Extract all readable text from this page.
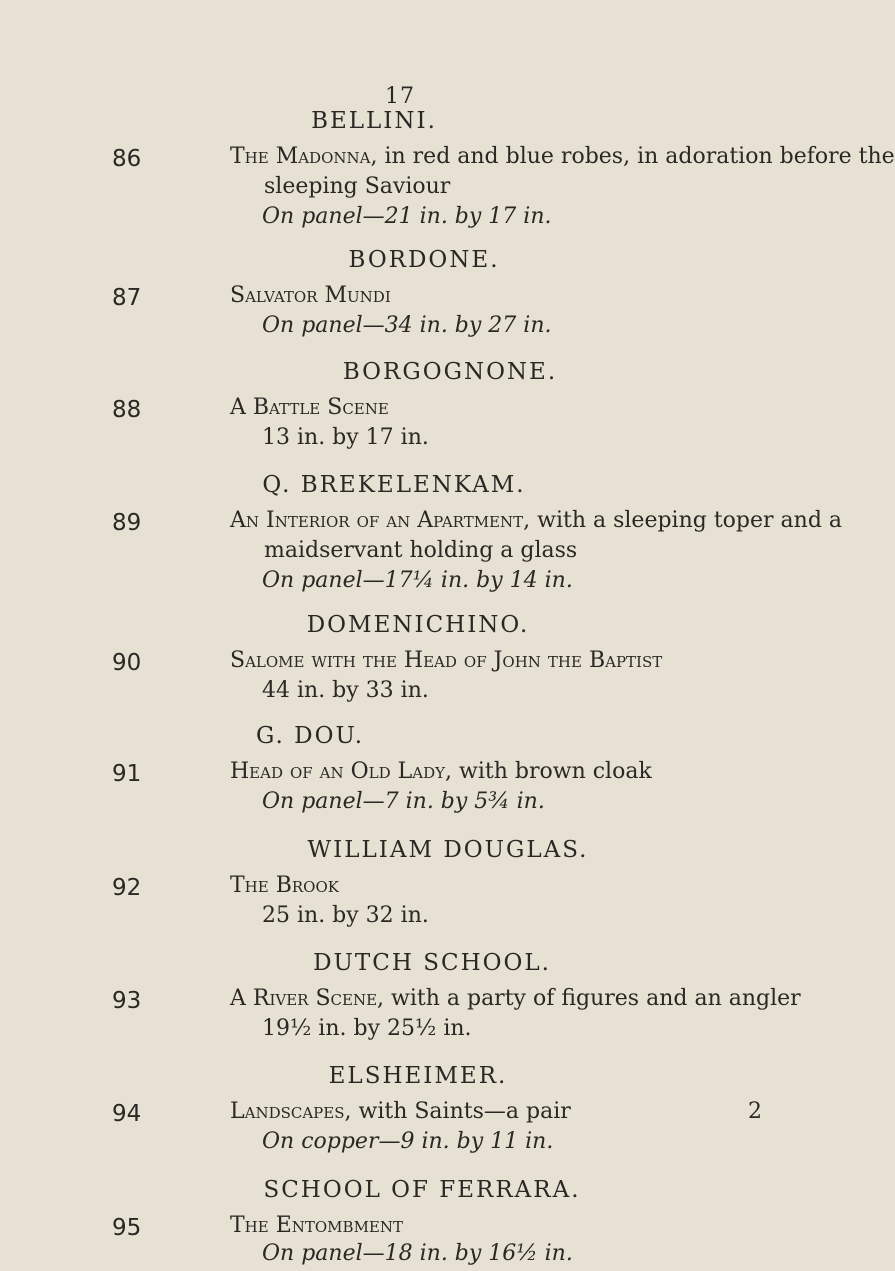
17
BELLINI.
86	The Madonna, in red and blue robes, in adoration before the
sleeping Saviour
On panel—21 in. by 17 in.
BORDONE.
87	Salvator Mundi
On panel—34 in. by 27 in.
BORGOGNONE.
88	A Battle Scene
13 in. by 17 in.
Q. BREKELENKAM.
89	An Interior of an Apartment, with a sleeping toper and a
maidservant holding a glass
On panel—17¼ in. by 14 in.
DOMENICHINO.
90	Salome with the Head of John the Baptist
44 in. by 33 in.
G. DOU.
91	Head of an Old Lady, with brown cloak
On panel—7 in. by 5¾ in.
WILLIAM DOUGLAS.
92	The Brook
25 in. by 32 in.
DUTCH SCHOOL.
93	A River Scene, with a party of figures and an angler
19½ in. by 25½ in.
ELSHEIMER.
94	Landscapes, with Saints—a pair	2
On copper—9 in. by 11 in.
SCHOOL OF FERRARA.
95	The Entombment
On panel—18 in. by 16½ in.
